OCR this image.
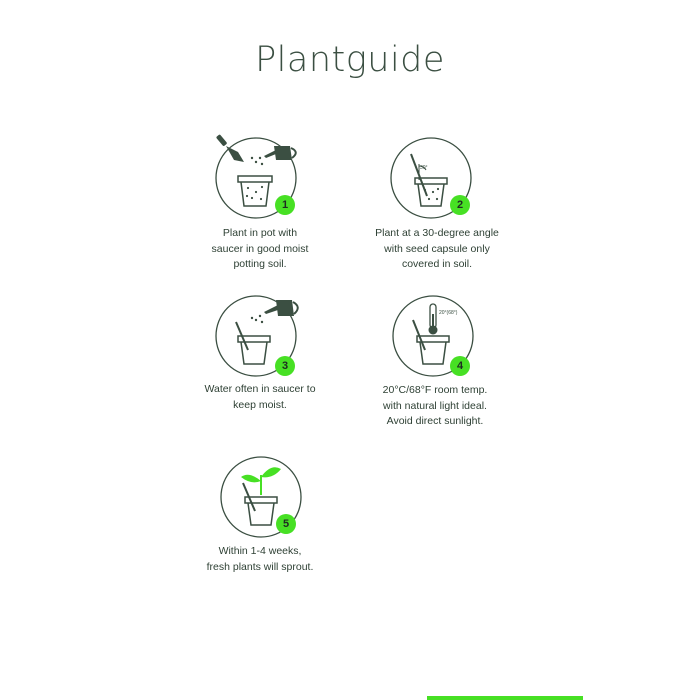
Plantguide
1
Plant in pot with
saucer in good moist
potting soil.
30°
2
Plant at a 30-degree angle
with seed capsule only
covered in soil.
3
Water often in saucer to
keep moist.
20°(68°)
4
20°C/68°F room temp.
with natural light ideal.
Avoid direct sunlight.
5
Within 1-4 weeks,
fresh plants will sprout.
